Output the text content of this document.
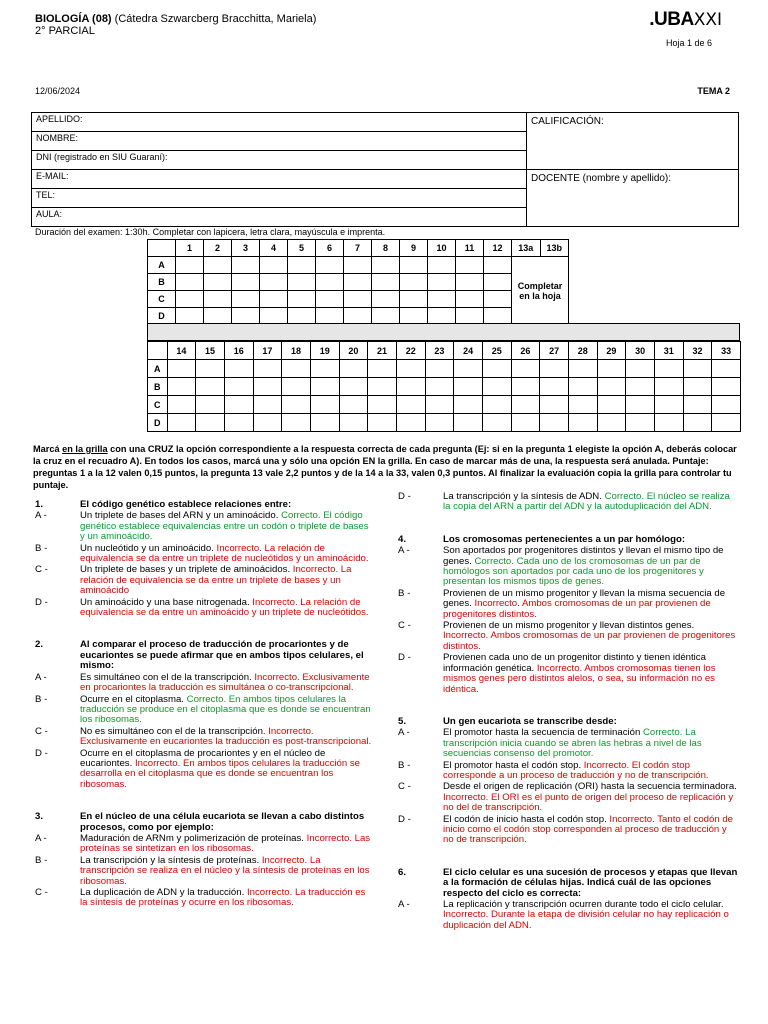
BIOLOGÍA (08) (Cátedra Szwarcberg Bracchitta, Mariela)
2° PARCIAL
.UBAXXI
Hoja 1 de 6
12/06/2024	TEMA 2
APELLIDO:	CALIFICACIÓN:
NOMBRE:	
DNI (registrado en SIU Guaraní):	
E-MAIL:	DOCENTE (nombre y apellido):
TEL:	
AULA:	
Duración del examen: 1:30h. Completar con lapicera, letra clara, mayúscula e imprenta.
	1	2	3	4	5	6	7	8	9	10	11	12	13a	13b
A													Completar en la hoja	
B														
C														
D														
	14	15	16	17	18	19	20	21	22	23	24	25	26	27	28	29	30	31	32	33
A																				
B																				
C																				
D																				
Marcá en la grilla con una CRUZ la opción correspondiente a la respuesta correcta de cada pregunta (Ej: si en la pregunta 1 elegiste la opción A, deberás colocar la cruz en el recuadro A). En todos los casos, marcá una y sólo una opción EN la grilla. En caso de marcar más de una, la respuesta será anulada. Puntaje: preguntas 1 a la 12 valen 0,15 puntos, la pregunta 13 vale 2,2 puntos y de la 14 a la 33, valen 0,3 puntos. Al finalizar la evaluación copia la grilla para controlar tu puntaje.
1.	El código genético establece relaciones entre:
A -	Un triplete de bases del ARN y un aminoácido. Correcto. El código genético establece equivalencias entre un codón o triplete de bases y un aminoácido.
B -	Un nucleótido y un aminoácido. Incorrecto. La relación de equivalencia se da entre un triplete de nucleótidos y un aminoácido.
C -	Un triplete de bases y un triplete de aminoácidos. Incorrecto. La relación de equivalencia se da entre un triplete de bases y un aminoácido
D -	Un aminoácido y una base nitrogenada. Incorrecto. La relación de equivalencia se da entre un aminoácido y un triplete de nucleótidos.
2.	Al comparar el proceso de traducción de procariontes y de eucariontes se puede afirmar que en ambos tipos celulares, el mismo:
A -	Es simultáneo con el de la transcripción. Incorrecto. Exclusivamente en procariontes la traducción es simultánea o co-transcripcional.
B -	Ocurre en el citoplasma. Correcto. En ambos tipos celulares la traducción se produce en el citoplasma que es donde se encuentran los ribosomas.
C -	No es simultáneo con el de la transcripción. Incorrecto. Exclusivamente en eucariontes la traducción es post-transcripcional.
D -	Ocurre en el citoplasma de procariontes y en el núcleo de eucariontes. Incorrecto. En ambos tipos celulares la traducción se desarrolla en el citoplasma que es donde se encuentran los ribosomas.
3.	En el núcleo de una célula eucariota se llevan a cabo distintos procesos, como por ejemplo:
A -	Maduración de ARNm y polimerización de proteínas. Incorrecto. Las proteínas se sintetizan en los ribosomas.
B -	La transcripción y la síntesis de proteínas. Incorrecto. La transcripción se realiza en el núcleo y la síntesis de proteínas en los ribosomas.
C -	La duplicación de ADN y la traducción. Incorrecto. La traducción es la síntesis de proteínas y ocurre en los ribosomas.
D -	La transcripción y la síntesis de ADN. Correcto. El núcleo se realiza la copia del ARN a partir del ADN y la autoduplicación del ADN.
4.	Los cromosomas pertenecientes a un par homólogo:
A -	Son aportados por progenitores distintos y llevan el mismo tipo de genes. Correcto. Cada uno de los cromosomas de un par de homólogos son aportados por cada uno de los progenitores y presentan los mismos tipos de genes.
B -	Provienen de un mismo progenitor y llevan la misma secuencia de genes. Incorrecto. Ambos cromosomas de un par provienen de progenitores distintos.
C -	Provienen de un mismo progenitor y llevan distintos genes. Incorrecto. Ambos cromosomas de un par provienen de progenitores distintos.
D -	Provienen cada uno de un progenitor distinto y tienen idéntica información genética. Incorrecto. Ambos cromosomas tienen los mismos genes pero distintos alelos, o sea, su información no es idéntica.
5.	Un gen eucariota se transcribe desde:
A -	El promotor hasta la secuencia de terminación Correcto. La transcripción inicia cuando se abren las hebras a nivel de las secuencias consenso del promotor.
B -	El promotor hasta el codón stop. Incorrecto. El codón stop corresponde a un proceso de traducción y no de transcripción.
C -	Desde el origen de replicación (ORI) hasta la secuencia terminadora. Incorrecto. El ORI es el punto de origen del proceso de replicación y no del de transcripción.
D -	El codón de inicio hasta el codón stop. Incorrecto. Tanto el codón de inicio como el codón stop corresponden al proceso de traducción y no de transcripción.
6.	El ciclo celular es una sucesión de procesos y etapas que llevan a la formación de células hijas. Indicá cuál de las opciones respecto del ciclo es correcta:
A -	La replicación y transcripción ocurren durante todo el ciclo celular. Incorrecto. Durante la etapa de división celular no hay replicación o duplicación del ADN.
